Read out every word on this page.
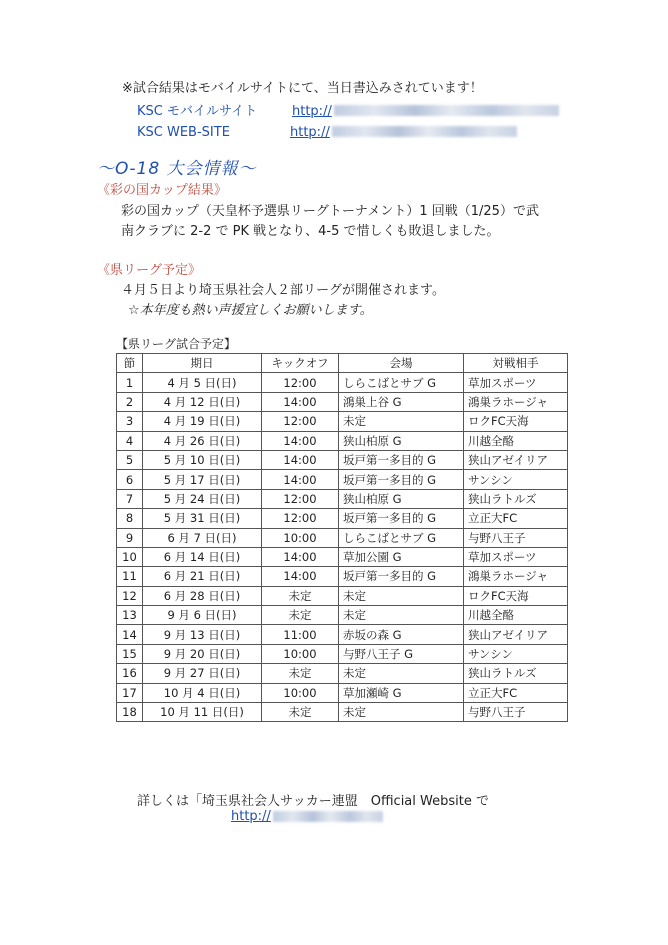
※試合結果はモバイルサイトにて、当日書込みされています！
KSC モバイルサイト	http://
KSC WEB-SITE	http://
〜O-18 大会情報〜
《彩の国カップ結果》
彩の国カップ（天皇杯予選県リーグトーナメント）1 回戦（1/25）で武
南クラブに 2-2 で PK 戦となり、4-5 で惜しくも敗退しました。
《県リーグ予定》
４月５日より埼玉県社会人２部リーグが開催されます。
☆本年度も熱い声援宜しくお願いします。
【県リーグ試合予定】
節	期日	キックオフ	会場	対戦相手
1	4 月 5 日(日)	12:00	しらこばとサブ G	草加スポーツ
2	4 月 12 日(日)	14:00	鴻巣上谷 G	鴻巣ラホージャ
3	4 月 19 日(日)	12:00	未定	ロクFC天海
4	4 月 26 日(日)	14:00	狭山柏原 G	川越全酪
5	5 月 10 日(日)	14:00	坂戸第一多目的 G	狭山アゼイリア
6	5 月 17 日(日)	14:00	坂戸第一多目的 G	サンシン
7	5 月 24 日(日)	12:00	狭山柏原 G	狭山ラトルズ
8	5 月 31 日(日)	12:00	坂戸第一多目的 G	立正大FC
9	6 月 7 日(日)	10:00	しらこばとサブ G	与野八王子
10	6 月 14 日(日)	14:00	草加公園 G	草加スポーツ
11	6 月 21 日(日)	14:00	坂戸第一多目的 G	鴻巣ラホージャ
12	6 月 28 日(日)	未定	未定	ロクFC天海
13	9 月 6 日(日)	未定	未定	川越全酪
14	9 月 13 日(日)	11:00	赤坂の森 G	狭山アゼイリア
15	9 月 20 日(日)	10:00	与野八王子 G	サンシン
16	9 月 27 日(日)	未定	未定	狭山ラトルズ
17	10 月 4 日(日)	10:00	草加瀬崎 G	立正大FC
18	10 月 11 日(日)	未定	未定	与野八王子
詳しくは「埼玉県社会人サッカー連盟　Official Website で
http://
